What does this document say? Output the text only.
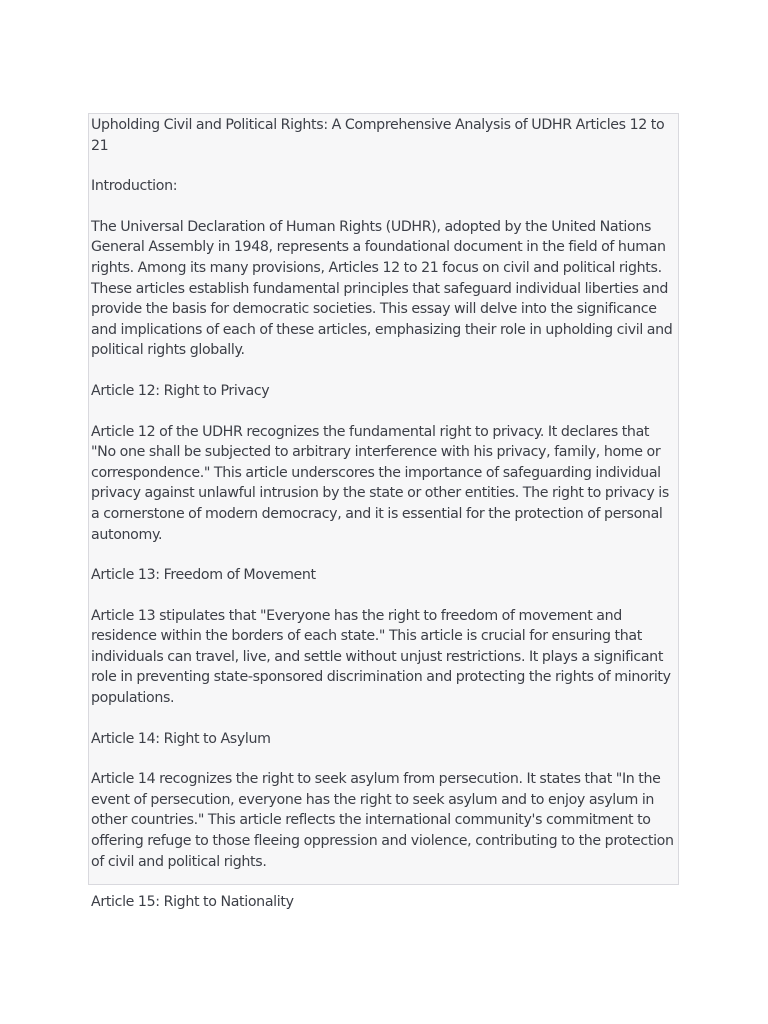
Upholding Civil and Political Rights: A Comprehensive Analysis of UDHR Articles 12 to 21

Introduction:

The Universal Declaration of Human Rights (UDHR), adopted by the United Nations General Assembly in 1948, represents a foundational document in the field of human rights. Among its many provisions, Articles 12 to 21 focus on civil and political rights. These articles establish fundamental principles that safeguard individual liberties and provide the basis for democratic societies. This essay will delve into the significance and implications of each of these articles, emphasizing their role in upholding civil and political rights globally.

Article 12: Right to Privacy

Article 12 of the UDHR recognizes the fundamental right to privacy. It declares that "No one shall be subjected to arbitrary interference with his privacy, family, home or correspondence." This article underscores the importance of safeguarding individual privacy against unlawful intrusion by the state or other entities. The right to privacy is a cornerstone of modern democracy, and it is essential for the protection of personal autonomy.

Article 13: Freedom of Movement

Article 13 stipulates that "Everyone has the right to freedom of movement and residence within the borders of each state." This article is crucial for ensuring that individuals can travel, live, and settle without unjust restrictions. It plays a significant role in preventing state-sponsored discrimination and protecting the rights of minority populations.

Article 14: Right to Asylum

Article 14 recognizes the right to seek asylum from persecution. It states that "In the event of persecution, everyone has the right to seek asylum and to enjoy asylum in other countries." This article reflects the international community's commitment to offering refuge to those fleeing oppression and violence, contributing to the protection of civil and political rights.

Article 15: Right to Nationality
